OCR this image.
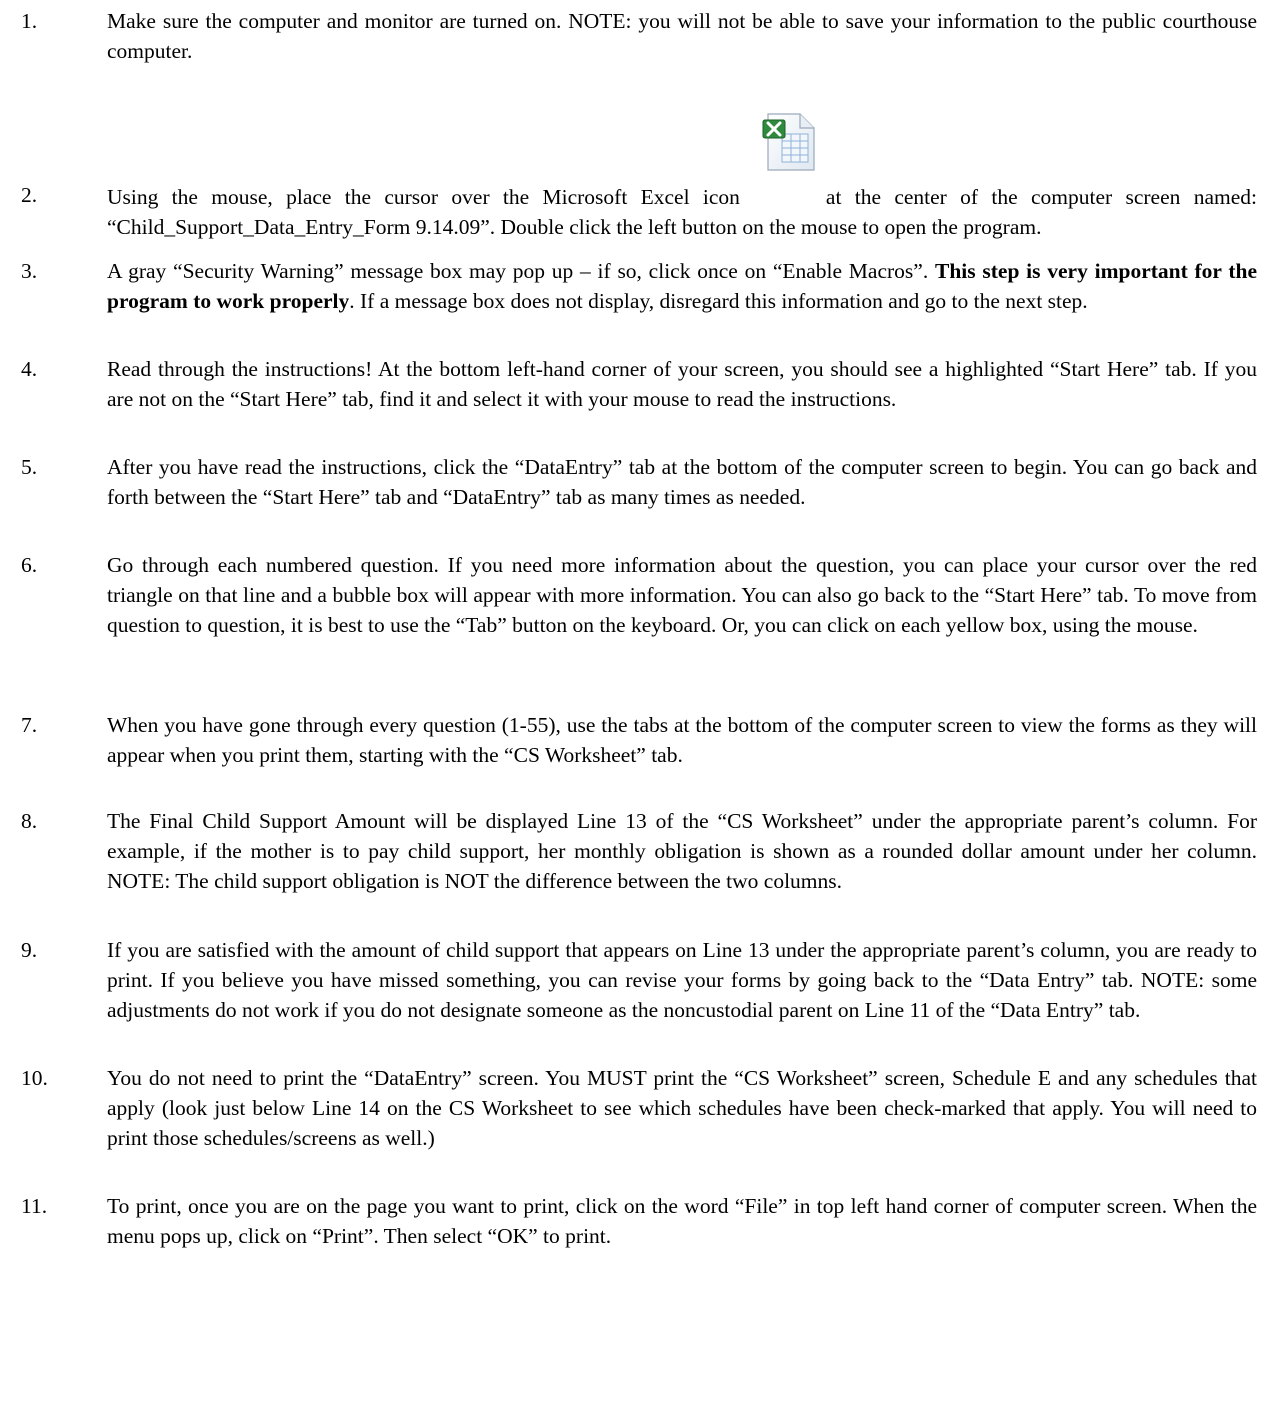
1.	Make sure the computer and monitor are turned on. NOTE: you will not be able to save your information to the public courthouse computer.
2.	Using the mouse, place the cursor over the Microsoft Excel icon	at the center of the computer screen named: “Child_Support_Data_Entry_Form 9.14.09”. Double click the left button on the mouse to open the program.
3.	A gray “Security Warning” message box may pop up – if so, click once on “Enable Macros”. This step is very important for the program to work properly. If a message box does not display, disregard this information and go to the next step.
4.	Read through the instructions! At the bottom left-hand corner of your screen, you should see a highlighted “Start Here” tab. If you are not on the “Start Here” tab, find it and select it with your mouse to read the instructions.
5.	After you have read the instructions, click the “DataEntry” tab at the bottom of the computer screen to begin. You can go back and forth between the “Start Here” tab and “DataEntry” tab as many times as needed.
6.	Go through each numbered question. If you need more information about the question, you can place your cursor over the red triangle on that line and a bubble box will appear with more information. You can also go back to the “Start Here” tab. To move from question to question, it is best to use the “Tab” button on the keyboard. Or, you can click on each yellow box, using the mouse.
7.	When you have gone through every question (1-55), use the tabs at the bottom of the computer screen to view the forms as they will appear when you print them, starting with the “CS Worksheet” tab.
8.	The Final Child Support Amount will be displayed Line 13 of the “CS Worksheet” under the appropriate parent’s column. For example, if the mother is to pay child support, her monthly obligation is shown as a rounded dollar amount under her column. NOTE: The child support obligation is NOT the difference between the two columns.
9.	If you are satisfied with the amount of child support that appears on Line 13 under the appropriate parent’s column, you are ready to print. If you believe you have missed something, you can revise your forms by going back to the “Data Entry” tab. NOTE: some adjustments do not work if you do not designate someone as the noncustodial parent on Line 11 of the “Data Entry” tab.
10.	You do not need to print the “DataEntry” screen. You MUST print the “CS Worksheet” screen, Schedule E and any schedules that apply (look just below Line 14 on the CS Worksheet to see which schedules have been check-marked that apply. You will need to print those schedules/screens as well.)
11.	To print, once you are on the page you want to print, click on the word “File” in top left hand corner of computer screen. When the menu pops up, click on “Print”. Then select “OK” to print.
